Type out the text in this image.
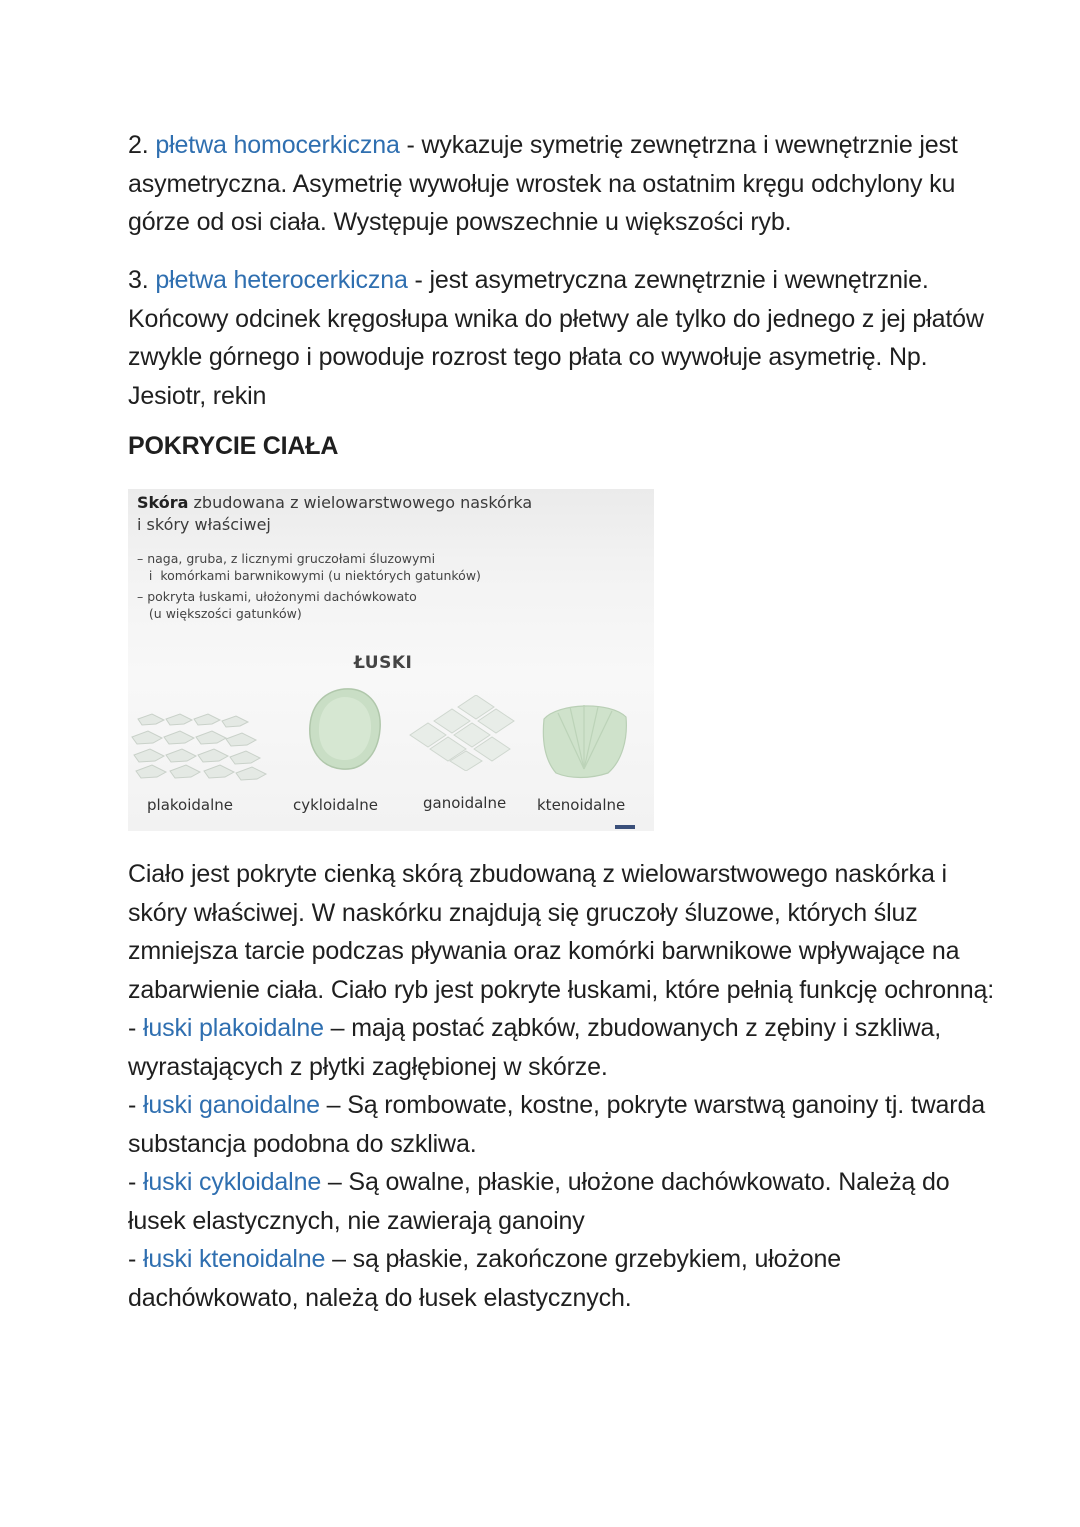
2. płetwa homocerkiczna - wykazuje symetrię zewnętrzna i wewnętrznie jest asymetryczna. Asymetrię wywołuje wrostek na ostatnim kręgu odchylony ku górze od osi ciała. Występuje powszechnie u większości ryb.

3. płetwa heterocerkiczna - jest asymetryczna zewnętrznie i wewnętrznie. Końcowy odcinek kręgosłupa wnika do płetwy ale tylko do jednego z jej płatów zwykle górnego i powoduje rozrost tego płata co wywołuje asymetrię. Np. Jesiotr, rekin

POKRYCIE CIAŁA
Skóra zbudowana z wielowarstwowego naskórka
i skóry właściwej
– naga, gruba, z licznymi gruczołami śluzowymi
i  komórkami barwnikowymi (u niektórych gatunków)
– pokryta łuskami, ułożonymi dachówkowato
(u większości gatunków)
ŁUSKI
plakoidalne	cykloidalne	ganoidalne ktenoidalne
Ciało jest pokryte cienką skórą zbudowaną z wielowarstwowego naskórka i skóry właściwej. W naskórku znajdują się gruczoły śluzowe, których śluz zmniejsza tarcie podczas pływania oraz komórki barwnikowe wpływające na zabarwienie ciała. Ciało ryb jest pokryte łuskami, które pełnią funkcję ochronną:
- łuski plakoidalne – mają postać ząbków, zbudowanych z zębiny i szkliwa, wyrastających z płytki zagłębionej w skórze.
- łuski ganoidalne – Są rombowate, kostne, pokryte warstwą ganoiny tj. twarda substancja podobna do szkliwa.
- łuski cykloidalne – Są owalne, płaskie, ułożone dachówkowato. Należą do łusek elastycznych, nie zawierają ganoiny
- łuski ktenoidalne – są płaskie, zakończone grzebykiem, ułożone dachówkowato, należą do łusek elastycznych.
